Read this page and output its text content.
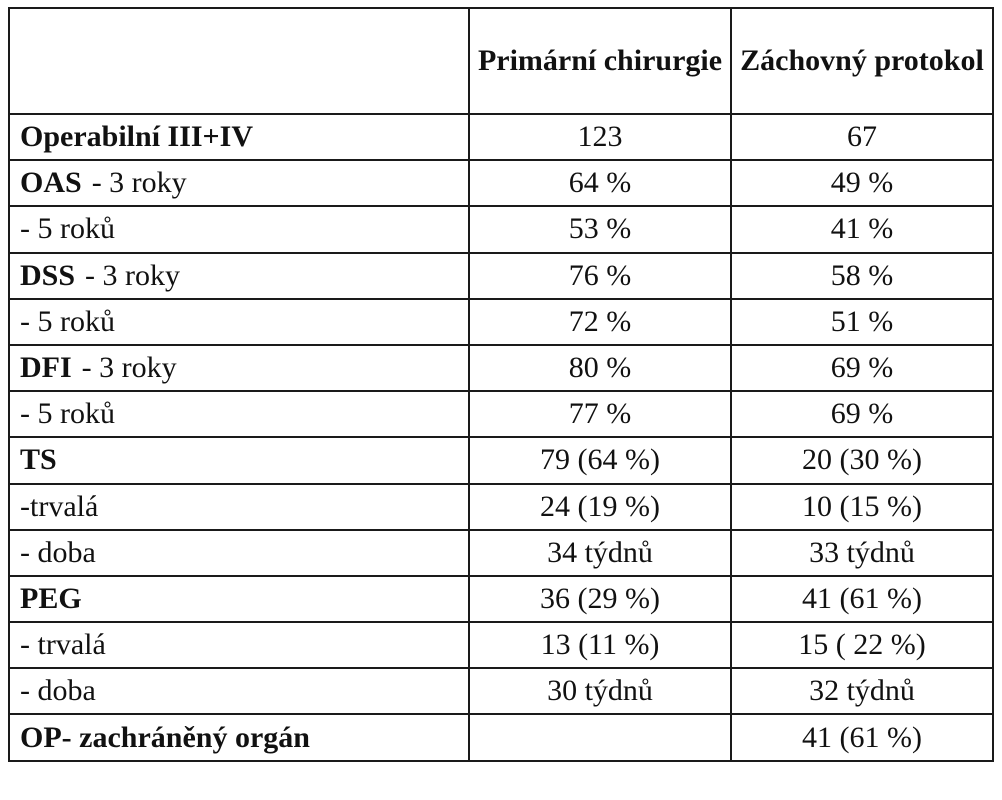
	Primární chirurgie	Záchovný protokol
Operabilní III+IV	123	67
OAS - 3 roky	64 %	49 %
- 5 roků	53 %	41 %
DSS - 3 roky	76 %	58 %
- 5 roků	72 %	51 %
DFI - 3 roky	80 %	69 %
- 5 roků	77 %	69 %
TS	79 (64 %)	20 (30 %)
-trvalá	24 (19 %)	10 (15 %)
- doba	34 týdnů	33 týdnů
PEG	36 (29 %)	41 (61 %)
- trvalá	13 (11 %)	15 ( 22 %)
- doba	30 týdnů	32 týdnů
OP- zachráněný orgán		41 (61 %)
